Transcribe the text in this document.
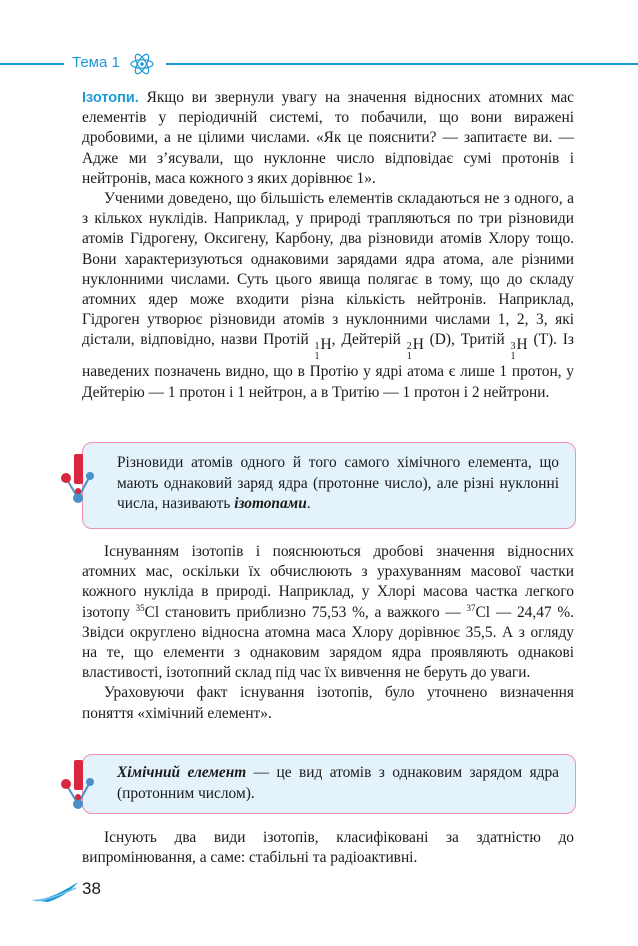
Тема 1

Ізотопи. Якщо ви звернули увагу на значення відносних атомних мас елементів у періодичній системі, то побачили, що вони виражені дробовими, а не цілими числами. «Як це пояснити? — запитаєте ви. — Адже ми з’ясували, що нуклонне число відповідає сумі протонів і нейтронів, маса кожного з яких дорівнює 1».

Ученими доведено, що більшість елементів складаються не з одного, а з кількох нуклідів. Наприклад, у природі трапляються по три різновиди атомів Гідрогену, Оксигену, Карбону, два різновиди атомів Хлору тощо. Вони характеризуються однаковими зарядами ядра атома, але різними нуклонними числами. Суть цього явища полягає в тому, що до складу атомних ядер може входити різна кількість нейтронів. Наприклад, Гідроген утворює різновиди атомів з нуклонними числами 1, 2, 3, які дістали, відповідно, назви Протій 1
1
H, Дейтерій 2
1
H (D), Тритій 3
1
H (T). Із наведених позначень видно, що в Протію у ядрі атома є лише 1 протон, у Дейтерію — 1 протон і 1 нейтрон, а в Тритію — 1 протон і 2 нейтрони.

Різновиди атомів одного й того самого хімічного елемента, що мають однаковий заряд ядра (протонне число), але різні нуклонні числа, називають ізотопами.

Існуванням ізотопів і пояснюються дробові значення відносних атомних мас, оскільки їх обчислюють з урахуванням масової частки кожного нукліда в природі. Наприклад, у Хлорі масова частка легкого ізотопу $^{35}$Cl становить приблизно 75,53 %, а важкого — $^{37}$Cl — 24,47 %. Звідси округлено відносна атомна маса Хлору дорівнює 35,5. А з огляду на те, що елементи з однаковим зарядом ядра проявляють однакові властивості, ізотопний склад під час їх вивчення не беруть до уваги.

Ураховуючи факт існування ізотопів, було уточнено визначення поняття «хімічний елемент».

Хімічний елемент — це вид атомів з однаковим зарядом ядра (протонним числом).

Існують два види ізотопів, класифіковані за здатністю до випромінювання, а саме: стабільні та радіоактивні.

38
